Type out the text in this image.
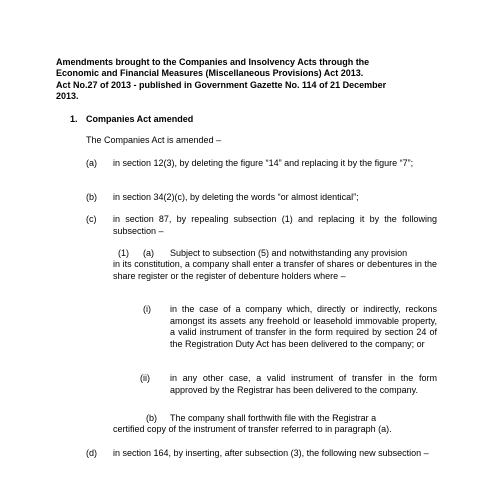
Amendments brought to the Companies and Insolvency Acts through the

Economic and Financial Measures (Miscellaneous Provisions) Act 2013.

Act No.27 of 2013 - published in Government Gazette No. 114 of 21 December

2013.

1. Companies Act amended

The Companies Act is amended –

(a) in section 12(3), by deleting the figure “14” and replacing it by the figure “7”;

(b) in section 34(2)(c), by deleting the words “or almost identical”;

(c) in section 87, by repealing subsection (1) and replacing it by the following subsection –

(1) (a) Subject to subsection (5) and notwithstanding any provision

in its constitution, a company shall enter a transfer of shares or debentures in the share register or the register of debenture holders where –

(i) in the case of a company which, directly or indirectly, reckons amongst its assets any freehold or leasehold immovable property, a valid instrument of transfer in the form required by section 24 of the Registration Duty Act has been delivered to the company; or

(ii) in any other case, a valid instrument of transfer in the form approved by the Registrar has been delivered to the company.

(b) The company shall forthwith file with the Registrar a

certified copy of the instrument of transfer referred to in paragraph (a).

(d) in section 164, by inserting, after subsection (3), the following new subsection –
